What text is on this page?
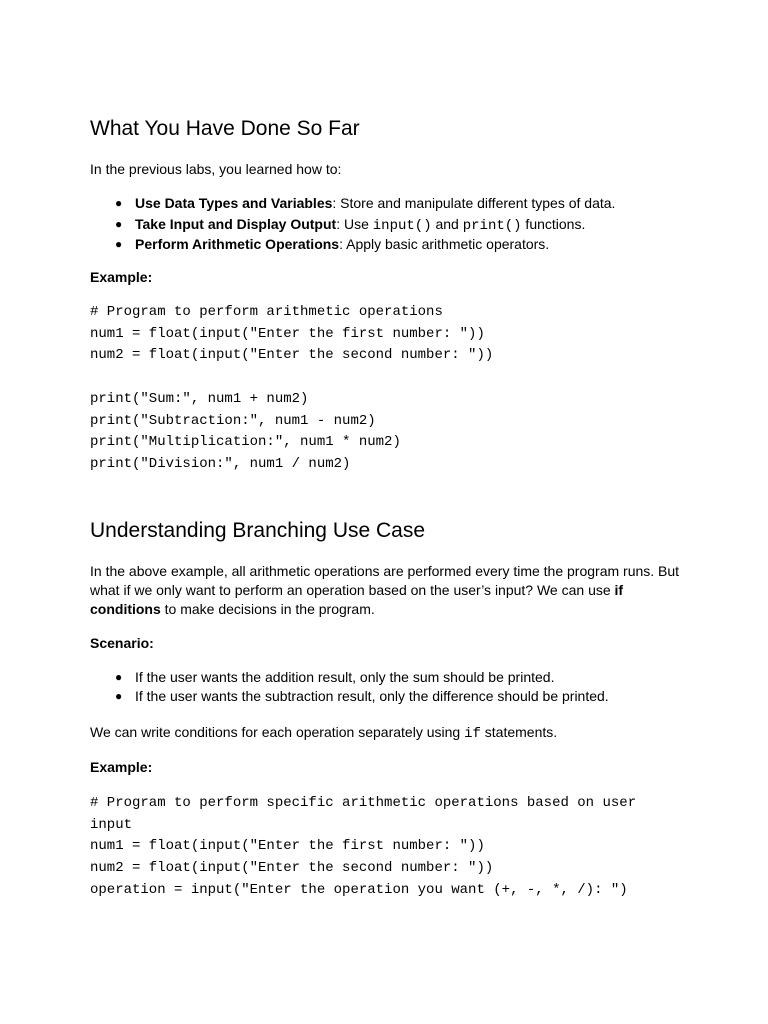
What You Have Done So Far

In the previous labs, you learned how to:

● Use Data Types and Variables: Store and manipulate different types of data.
● Take Input and Display Output: Use input() and print() functions.
● Perform Arithmetic Operations: Apply basic arithmetic operators.

Example:

# Program to perform arithmetic operations
num1 = float(input("Enter the first number: "))
num2 = float(input("Enter the second number: "))
print("Sum:", num1 + num2)
print("Subtraction:", num1 - num2)
print("Multiplication:", num1 * num2)
print("Division:", num1 / num2)
Understanding Branching Use Case

In the above example, all arithmetic operations are performed every time the program runs. But what if we only want to perform an operation based on the user’s input? We can use if conditions to make decisions in the program.

Scenario:

● If the user wants the addition result, only the sum should be printed.
● If the user wants the subtraction result, only the difference should be printed.

We can write conditions for each operation separately using if statements.

Example:

# Program to perform specific arithmetic operations based on user
input
num1 = float(input("Enter the first number: "))
num2 = float(input("Enter the second number: "))
operation = input("Enter the operation you want (+, -, *, /): ")
